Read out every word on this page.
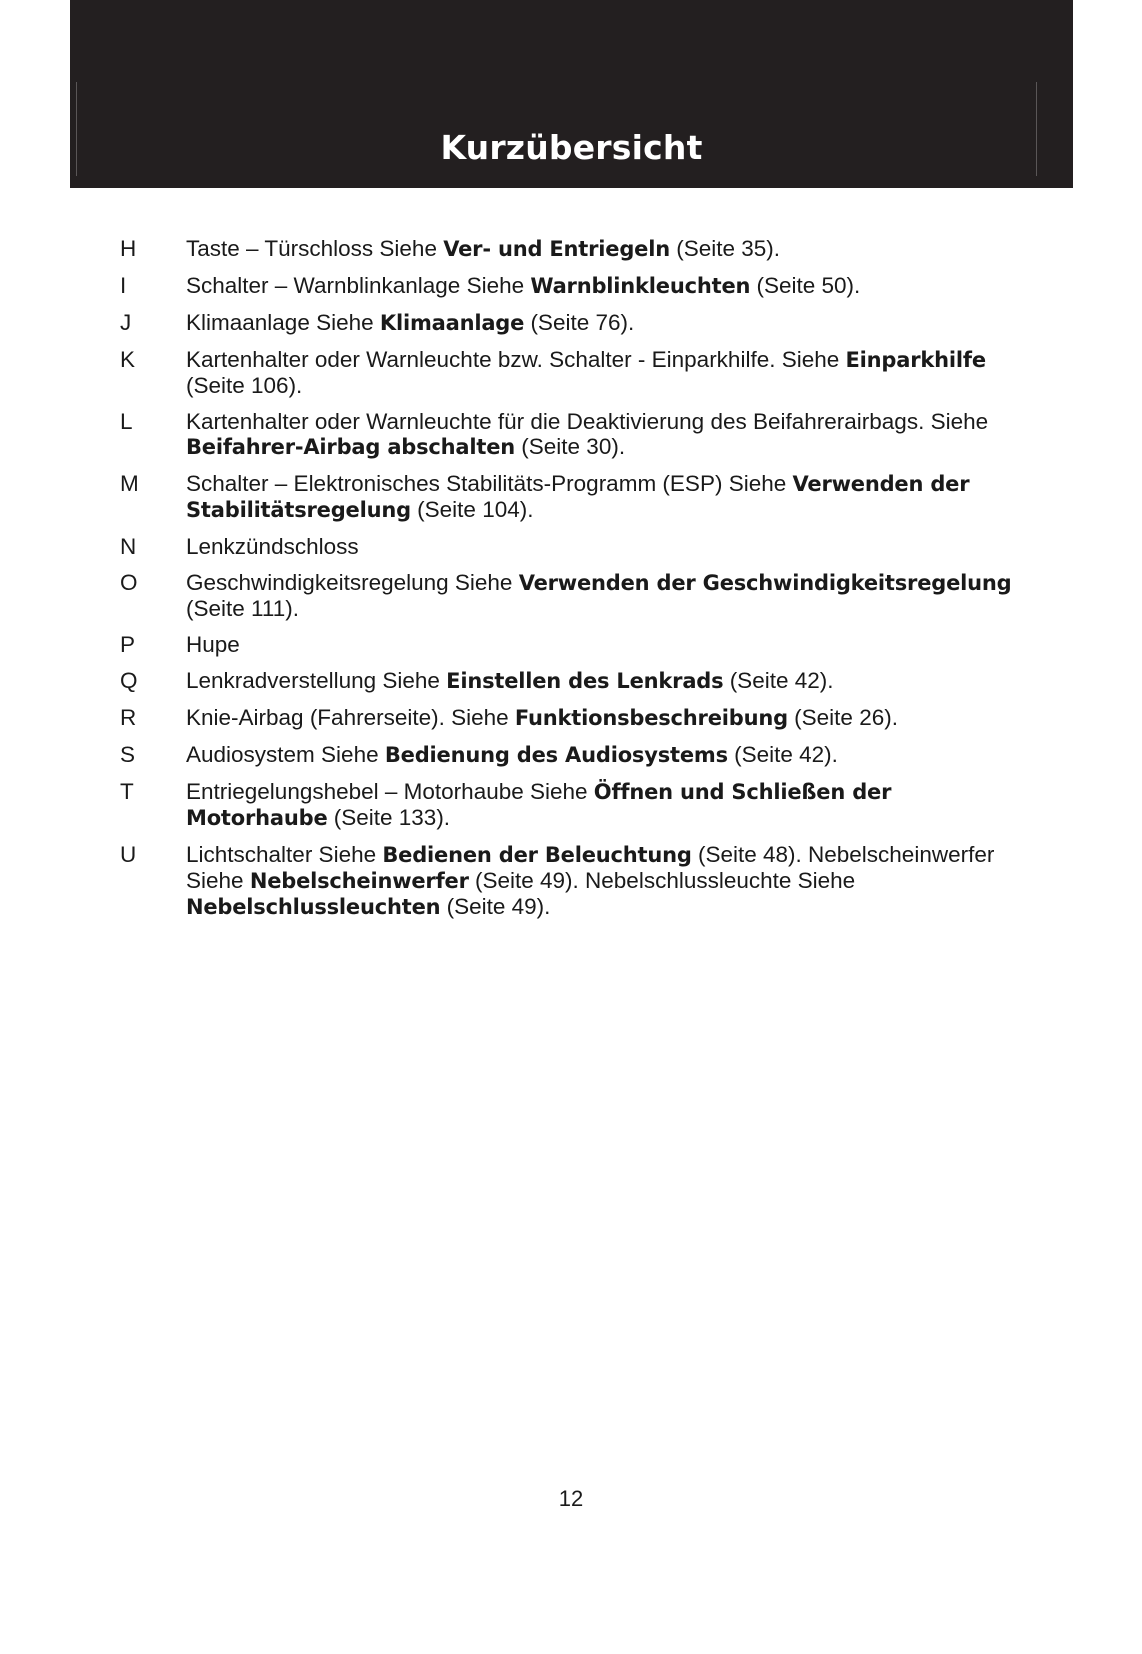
Kurzübersicht
H	Taste – Türschloss Siehe Ver- und Entriegeln (Seite 35).
I	Schalter – Warnblinkanlage Siehe Warnblinkleuchten (Seite 50).
J	Klimaanlage Siehe Klimaanlage (Seite 76).
K	Kartenhalter oder Warnleuchte bzw. Schalter - Einparkhilfe. Siehe Einparkhilfe (Seite 106).
L	Kartenhalter oder Warnleuchte für die Deaktivierung des Beifahrerairbags. Siehe Beifahrer-Airbag abschalten (Seite 30).
M	Schalter – Elektronisches Stabilitäts-Programm (ESP) Siehe Verwenden der Stabilitätsregelung (Seite 104).
N	Lenkzündschloss
O	Geschwindigkeitsregelung Siehe Verwenden der Geschwindigkeitsregelung (Seite 111).
P	Hupe
Q	Lenkradverstellung Siehe Einstellen des Lenkrads (Seite 42).
R	Knie-Airbag (Fahrerseite). Siehe Funktionsbeschreibung (Seite 26).
S	Audiosystem Siehe Bedienung des Audiosystems (Seite 42).
T	Entriegelungshebel – Motorhaube Siehe Öffnen und Schließen der Motorhaube (Seite 133).
U	Lichtschalter Siehe Bedienen der Beleuchtung (Seite 48). Nebelscheinwerfer Siehe Nebelscheinwerfer (Seite 49). Nebelschlussleuchte Siehe Nebelschlussleuchten (Seite 49).
12
